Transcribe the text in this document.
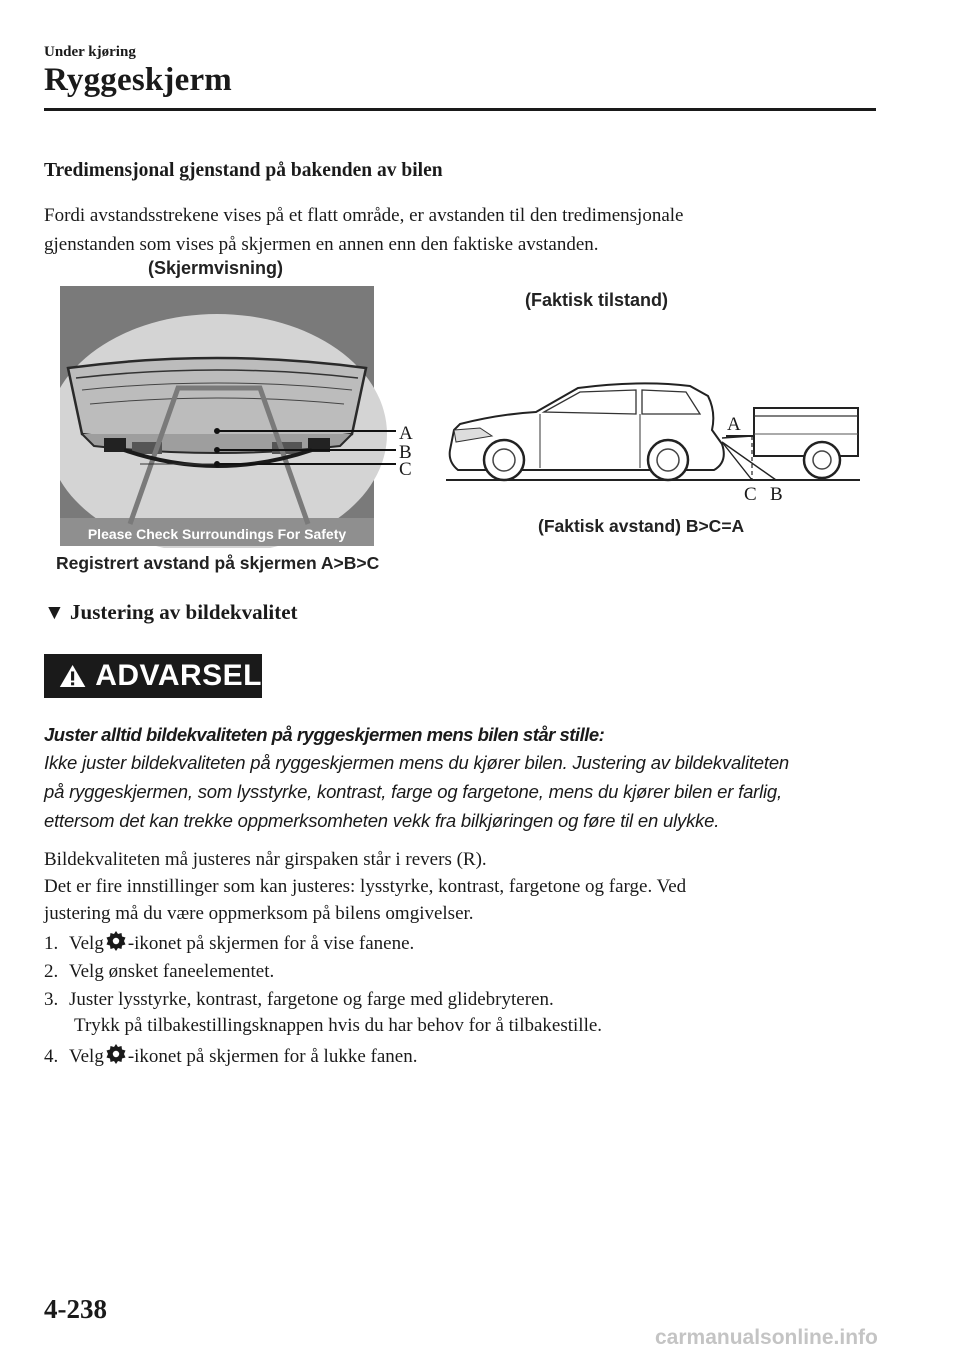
Under kjøring
Ryggeskjerm
Tredimensjonal gjenstand på bakenden av bilen
Fordi avstandsstrekene vises på et flatt område, er avstanden til den tredimensjonale
gjenstanden som vises på skjermen en annen enn den faktiske avstanden.
(Skjermvisning)
Please Check Surroundings For Safety
A
B
C
Registrert avstand på skjermen A>B>C
(Faktisk tilstand)
A
C B
(Faktisk avstand) B>C=A
▼ Justering av bildekvalitet
ADVARSEL
Juster alltid bildekvaliteten på ryggeskjermen mens bilen står stille:
Ikke juster bildekvaliteten på ryggeskjermen mens du kjører bilen. Justering av bildekvaliteten
på ryggeskjermen, som lysstyrke, kontrast, farge og fargetone, mens du kjører bilen er farlig,
ettersom det kan trekke oppmerksomheten vekk fra bilkjøringen og føre til en ulykke.
Bildekvaliteten må justeres når girspaken står i revers (R).
Det er fire innstillinger som kan justeres: lysstyrke, kontrast, fargetone og farge. Ved
justering må du være oppmerksom på bilens omgivelser.
1. Velg -ikonet på skjermen for å vise fanene.
2. Velg ønsket faneelementet.
3. Juster lysstyrke, kontrast, fargetone og farge med glidebryteren.
Trykk på tilbakestillingsknappen hvis du har behov for å tilbakestille.
4. Velg -ikonet på skjermen for å lukke fanen.
4-238
carmanualsonline.info
